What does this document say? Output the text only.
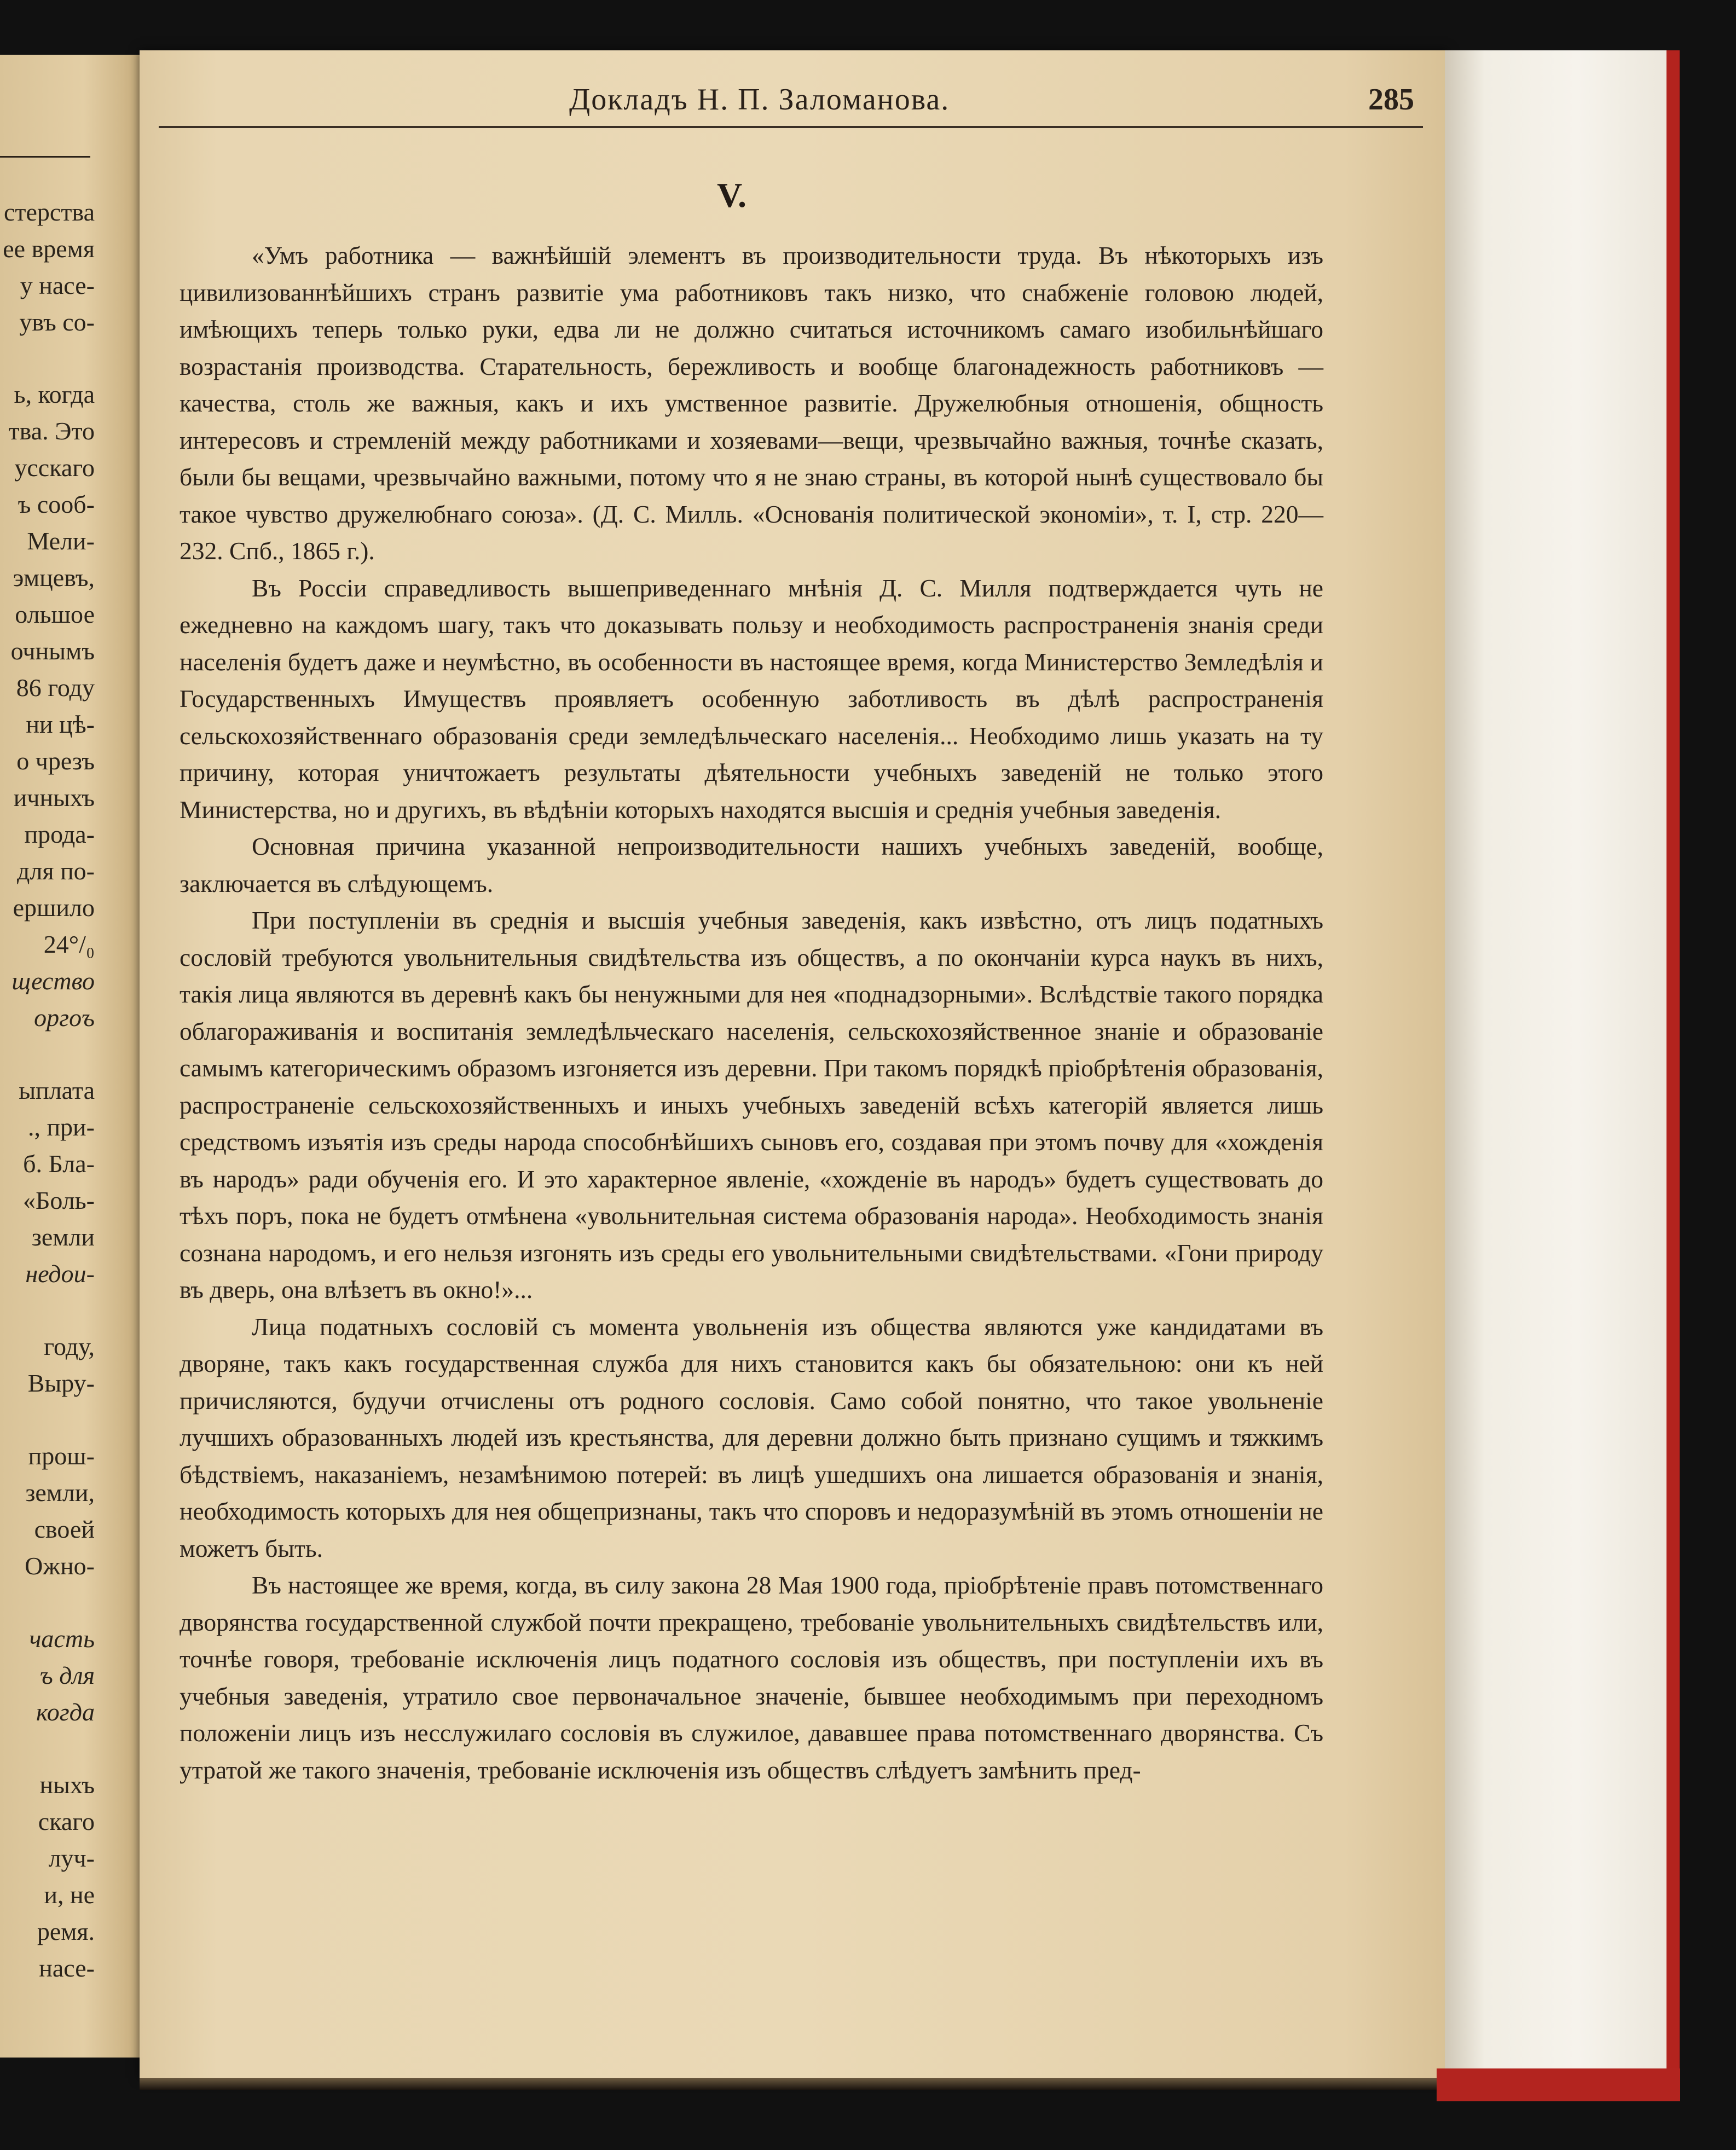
стерства
ее время
у насе-
увъ со-
ь, когда
тва. Это
усскаго
ъ сооб-
Мели-
эмцевъ,
ольшое
очнымъ
86 году
ни цѣ-
о чрезъ
ичныхъ
прода-
для по-
ершило
24°/₀
щество
оргоъ
ыплата
., при-
б. Бла-
«Боль-
земли
недои-
году,
Выру-
прош-
земли,
своей
Ожно-
часть
ъ для
когда
ныхъ
скаго
луч-
и, не
ремя.
насе-
Докладъ Н. П. Заломанова.	285
V.

«Умъ работника — важнѣйшій элементъ въ производительности труда. Въ нѣкоторыхъ изъ цивилизованнѣйшихъ странъ развитіе ума работниковъ такъ низко, что снабженіе головою людей, имѣющихъ теперь только руки, едва ли не должно считаться источникомъ самаго изобильнѣйшаго возрастанія производства. Старательность, бережливость и вообще благонадежность работниковъ — качества, столь же важныя, какъ и ихъ умственное развитіе. Дружелюбныя отношенія, общность интересовъ и стремленій между работниками и хозяевами—вещи, чрезвычайно важныя, точнѣе сказать, были бы вещами, чрезвычайно важными, потому что я не знаю страны, въ которой нынѣ существовало бы такое чувство дружелюбнаго союза». (Д. С. Милль. «Основанія политической экономіи», т. I, стр. 220—232. Спб., 1865 г.).

Въ Россіи справедливость вышеприведеннаго мнѣнія Д. С. Милля подтверждается чуть не ежедневно на каждомъ шагу, такъ что доказывать пользу и необходимость распространенія знанія среди населенія будетъ даже и неумѣстно, въ особенности въ настоящее время, когда Министерство Земледѣлія и Государственныхъ Имуществъ проявляетъ особенную заботливость въ дѣлѣ распространенія сельскохозяйственнаго образованія среди земледѣльческаго населенія... Необходимо лишь указать на ту причину, которая уничтожаетъ результаты дѣятельности учебныхъ заведеній не только этого Министерства, но и другихъ, въ вѣдѣніи которыхъ находятся высшія и среднія учебныя заведенія.

Основная причина указанной непроизводительности нашихъ учебныхъ заведеній, вообще, заключается въ слѣдующемъ.

При поступленіи въ среднія и высшія учебныя заведенія, какъ извѣстно, отъ лицъ податныхъ сословій требуются увольнительныя свидѣтельства изъ обществъ, а по окончаніи курса наукъ въ нихъ, такія лица являются въ деревнѣ какъ бы ненужными для нея «поднадзорными». Вслѣдствіе такого порядка облагораживанія и воспитанія земледѣльческаго населенія, сельскохозяйственное знаніе и образованіе самымъ категорическимъ образомъ изгоняется изъ деревни. При такомъ порядкѣ пріобрѣтенія образованія, распространеніе сельскохозяйственныхъ и иныхъ учебныхъ заведеній всѣхъ категорій является лишь средствомъ изъятія изъ среды народа способнѣйшихъ сыновъ его, создавая при этомъ почву для «хожденія въ народъ» ради обученія его. И это характерное явленіе, «хожденіе въ народъ» будетъ существовать до тѣхъ поръ, пока не будетъ отмѣнена «увольнительная система образованія народа». Необходимость знанія сознана народомъ, и его нельзя изгонять изъ среды его увольнительными свидѣтельствами. «Гони природу въ дверь, она влѣзетъ въ окно!»...

Лица податныхъ сословій съ момента увольненія изъ общества являются уже кандидатами въ дворяне, такъ какъ государственная служба для нихъ становится какъ бы обязательною: они къ ней причисляются, будучи отчислены отъ родного сословія. Само собой понятно, что такое увольненіе лучшихъ образованныхъ людей изъ крестьянства, для деревни должно быть признано сущимъ и тяжкимъ бѣдствіемъ, наказаніемъ, незамѣнимою потерей: въ лицѣ ушедшихъ она лишается образованія и знанія, необходимость которыхъ для нея общепризнаны, такъ что споровъ и недоразумѣній въ этомъ отношеніи не можетъ быть.

Въ настоящее же время, когда, въ силу закона 28 Мая 1900 года, пріобрѣтеніе правъ потомственнаго дворянства государственной службой почти прекращено, требованіе увольнительныхъ свидѣтельствъ или, точнѣе говоря, требованіе исключенія лицъ податного сословія изъ обществъ, при поступленіи ихъ въ учебныя заведенія, утратило свое первоначальное значеніе, бывшее необходимымъ при переходномъ положеніи лицъ изъ несслужилаго сословія въ служилое, дававшее права потомственнаго дворянства. Съ утратой же такого значенія, требованіе исключенія изъ обществъ слѣдуетъ замѣнить пред-
